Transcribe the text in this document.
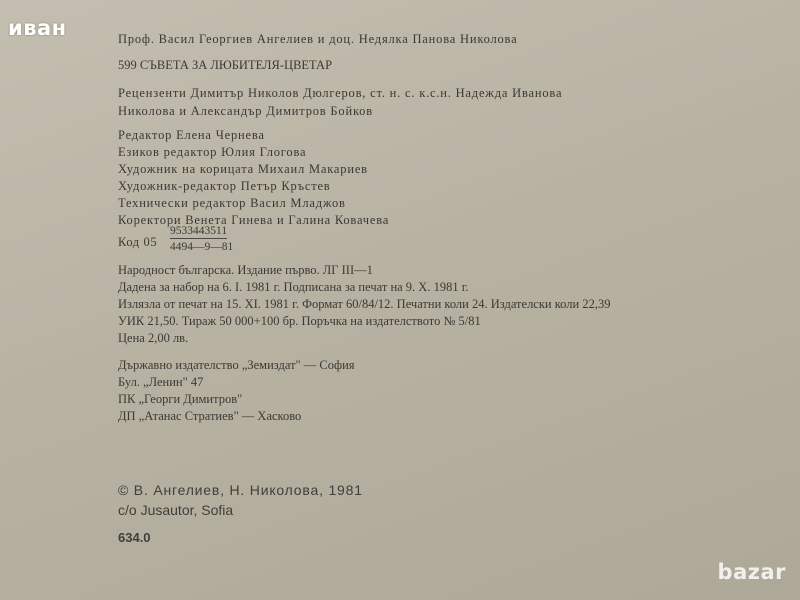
иван	Проф. Васил Георгиев Ангелиев и доц. Недялка Панова Николова
599 СЪВЕТА ЗА ЛЮБИТЕЛЯ-ЦВЕТАР
Рецензенти Димитър Николов Дюлгеров, ст. н. с. к.с.н. Надежда Иванова
Николова и Александър Димитров Бойков
Редактор Елена Чернева
Езиков редактор Юлия Глогова
Художник на корицата Михаил Макариев
Художник-редактор Петър Кръстев
Технически редактор Васил Младжов
Коректори Венета Гинева и Галина Ковачева
Код 05
9533443511
4494—9—81
Народност българска. Издание първо. ЛГ III—1
Дадена за набор на 6. I. 1981 г. Подписана за печат на 9. X. 1981 г.
Излязла от печат на 15. XI. 1981 г. Формат 60/84/12. Печатни коли 24. Издателски коли 22,39
УИК 21,50. Тираж 50 000+100 бр. Поръчка на издателството № 5/81
Цена 2,00 лв.
Държавно издателство „Земиздат" — София
Бул. „Ленин" 47
ПК „Георги Димитров"
ДП „Атанас Стратиев" — Хасково
© В. Ангелиев, Н. Николова, 1981
c/o Jusautor, Sofia
634.0
bazar
